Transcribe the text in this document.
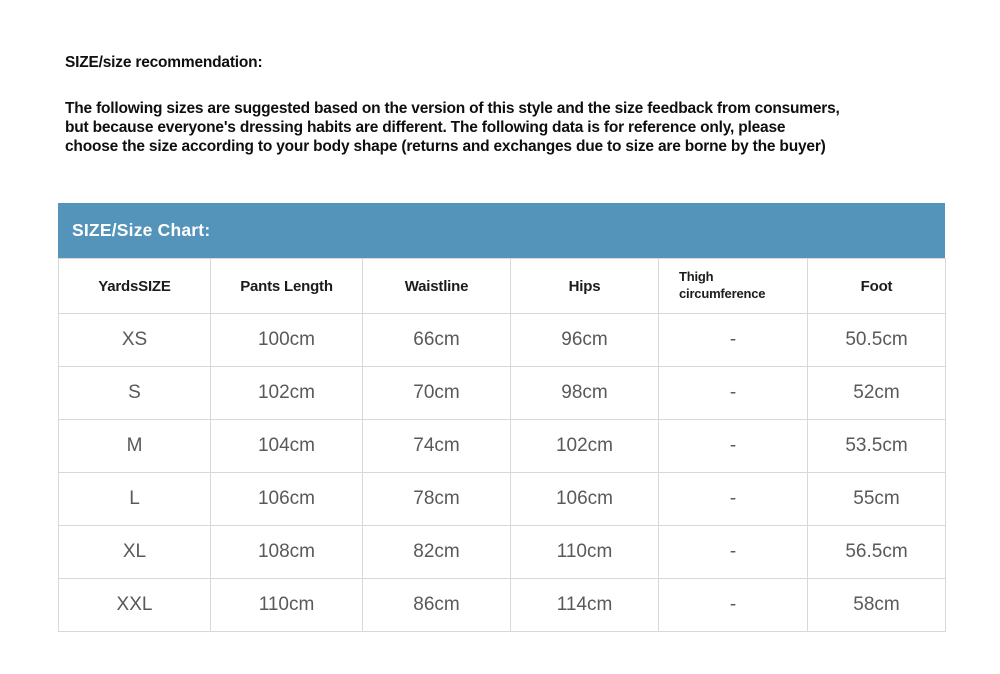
SIZE/size recommendation:
The following sizes are suggested based on the version of this style and the size feedback from consumers,
but because everyone's dressing habits are different. The following data is for reference only, please
choose the size according to your body shape (returns and exchanges due to size are borne by the buyer)
SIZE/Size Chart:
YardsSIZE	Pants Length	Waistline	Hips	Thigh circumference	Foot
XS	100cm	66cm	96cm	-	50.5cm
S	102cm	70cm	98cm	-	52cm
M	104cm	74cm	102cm	-	53.5cm
L	106cm	78cm	106cm	-	55cm
XL	108cm	82cm	110cm	-	56.5cm
XXL	110cm	86cm	114cm	-	58cm
